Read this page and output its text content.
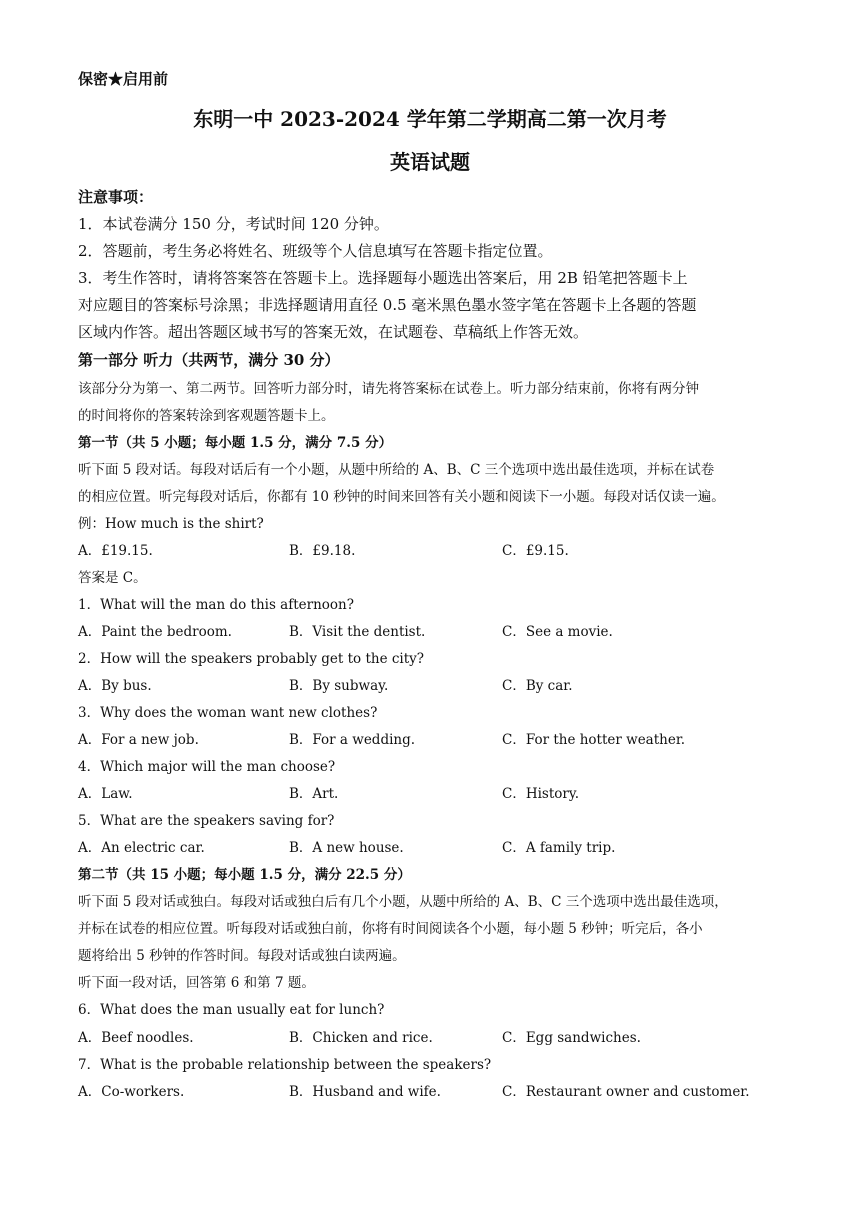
保密★启用前
东明一中 2023-2024 学年第二学期高二第一次月考
英语试题
注意事项：
1．本试卷满分 150 分，考试时间 120 分钟。
2．答题前，考生务必将姓名、班级等个人信息填写在答题卡指定位置。
3．考生作答时，请将答案答在答题卡上。选择题每小题选出答案后，用 2B 铅笔把答题卡上
对应题目的答案标号涂黑；非选择题请用直径 0.5 毫米黑色墨水签字笔在答题卡上各题的答题
区域内作答。超出答题区域书写的答案无效，在试题卷、草稿纸上作答无效。
第一部分 听力（共两节，满分 30 分）
该部分分为第一、第二两节。回答听力部分时，请先将答案标在试卷上。听力部分结束前，你将有两分钟
的时间将你的答案转涂到客观题答题卡上。
第一节（共 5 小题；每小题 1.5 分，满分 7.5 分）
听下面 5 段对话。每段对话后有一个小题，从题中所给的 A、B、C 三个选项中选出最佳选项，并标在试卷
的相应位置。听完每段对话后，你都有 10 秒钟的时间来回答有关小题和阅读下一小题。每段对话仅读一遍。
例：How much is the shirt?
A．£19.15.	B．£9.18.	C．£9.15.
答案是 C。
1．What will the man do this afternoon?
A．Paint the bedroom.	B．Visit the dentist.	C．See a movie.
2．How will the speakers probably get to the city?
A．By bus.	B．By subway.	C．By car.
3．Why does the woman want new clothes?
A．For a new job.	B．For a wedding.	C．For the hotter weather.
4．Which major will the man choose?
A．Law.	B．Art.	C．History.
5．What are the speakers saving for?
A．An electric car.	B．A new house.	C．A family trip.
第二节（共 15 小题；每小题 1.5 分，满分 22.5 分）
听下面 5 段对话或独白。每段对话或独白后有几个小题，从题中所给的 A、B、C 三个选项中选出最佳选项，
并标在试卷的相应位置。听每段对话或独白前，你将有时间阅读各个小题，每小题 5 秒钟；听完后，各小
题将给出 5 秒钟的作答时间。每段对话或独白读两遍。
听下面一段对话，回答第 6 和第 7 题。
6．What does the man usually eat for lunch?
A．Beef noodles.	B．Chicken and rice.	C．Egg sandwiches.
7．What is the probable relationship between the speakers?
A．Co-workers.	B．Husband and wife.	C．Restaurant owner and customer.
